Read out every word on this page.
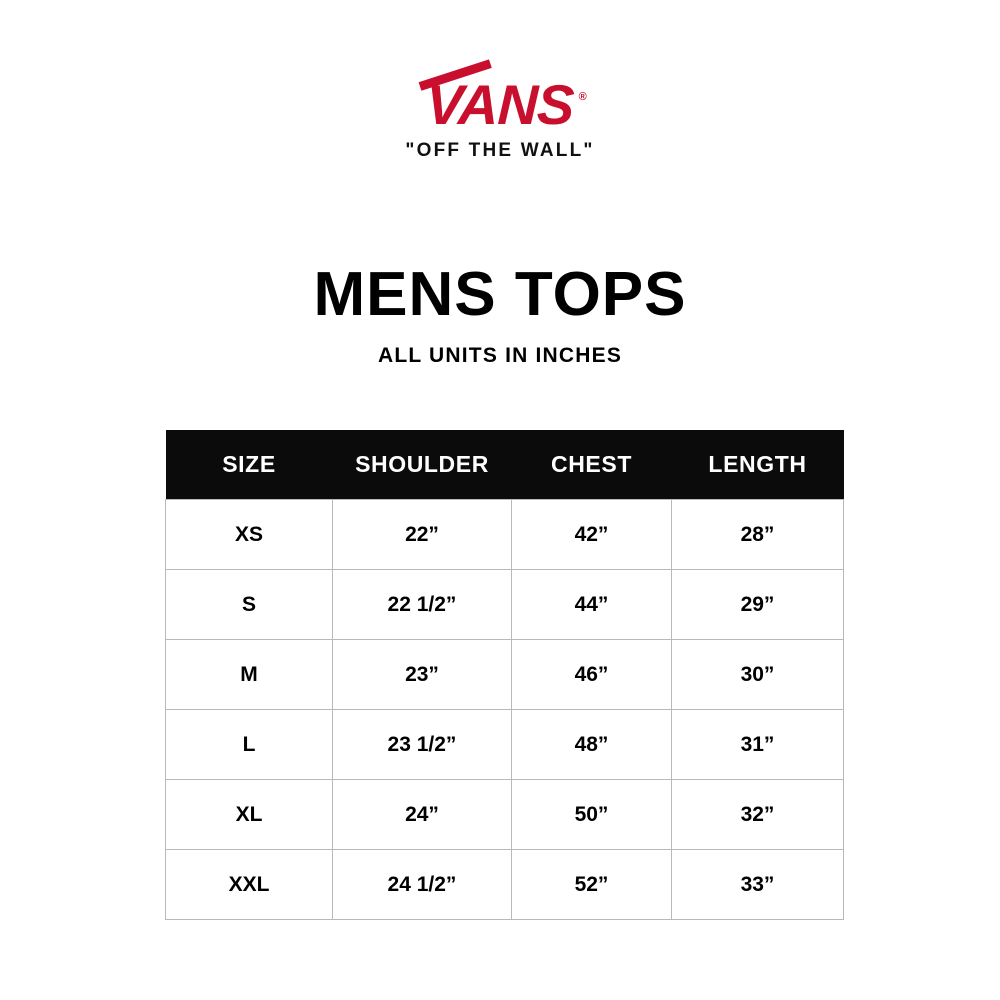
VANS ®
"OFF THE WALL"
MENS TOPS
ALL UNITS IN INCHES
SIZE	SHOULDER	CHEST	LENGTH
XS	22”	42”	28”
S	22 1/2”	44”	29”
M	23”	46”	30”
L	23 1/2”	48”	31”
XL	24”	50”	32”
XXL	24 1/2”	52”	33”
